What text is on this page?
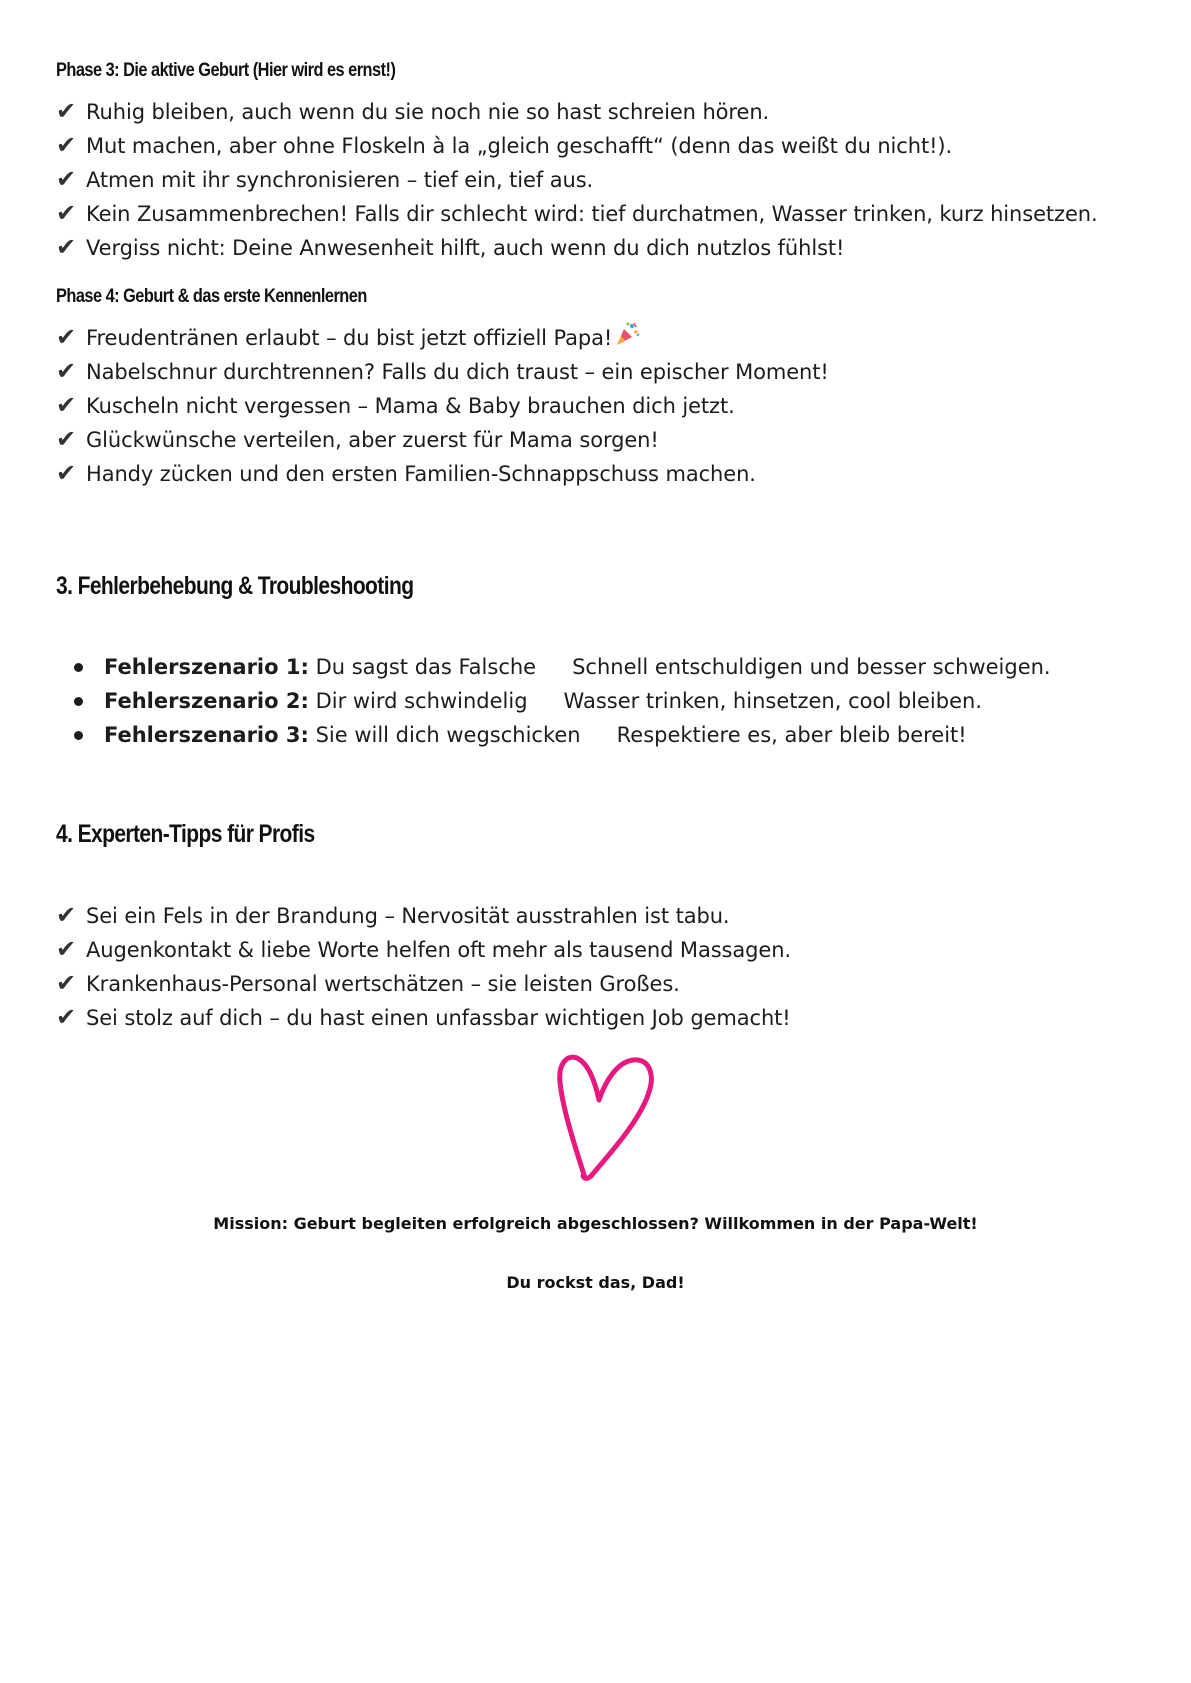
Phase 3: Die aktive Geburt (Hier wird es ernst!)
✔ Ruhig bleiben, auch wenn du sie noch nie so hast schreien hören.
✔ Mut machen, aber ohne Floskeln à la „gleich geschafft“ (denn das weißt du nicht!).
✔ Atmen mit ihr synchronisieren – tief ein, tief aus.
✔ Kein Zusammenbrechen! Falls dir schlecht wird: tief durchatmen, Wasser trinken, kurz hinsetzen.
✔ Vergiss nicht: Deine Anwesenheit hilft, auch wenn du dich nutzlos fühlst!
Phase 4: Geburt & das erste Kennenlernen
✔ Freudentränen erlaubt – du bist jetzt offiziell Papa!
✔ Nabelschnur durchtrennen? Falls du dich traust – ein epischer Moment!
✔ Kuscheln nicht vergessen – Mama & Baby brauchen dich jetzt.
✔ Glückwünsche verteilen, aber zuerst für Mama sorgen!
✔ Handy zücken und den ersten Familien-Schnappschuss machen.
3. Fehlerbehebung & Troubleshooting
Fehlerszenario 1: Du sagst das Falsche Schnell entschuldigen und besser schweigen.
Fehlerszenario 2: Dir wird schwindelig Wasser trinken, hinsetzen, cool bleiben.
Fehlerszenario 3: Sie will dich wegschicken Respektiere es, aber bleib bereit!
4. Experten-Tipps für Profis
✔ Sei ein Fels in der Brandung – Nervosität ausstrahlen ist tabu.
✔ Augenkontakt & liebe Worte helfen oft mehr als tausend Massagen.
✔ Krankenhaus-Personal wertschätzen – sie leisten Großes.
✔ Sei stolz auf dich – du hast einen unfassbar wichtigen Job gemacht!
Mission: Geburt begleiten erfolgreich abgeschlossen? Willkommen in der Papa-Welt!
Du rockst das, Dad!
